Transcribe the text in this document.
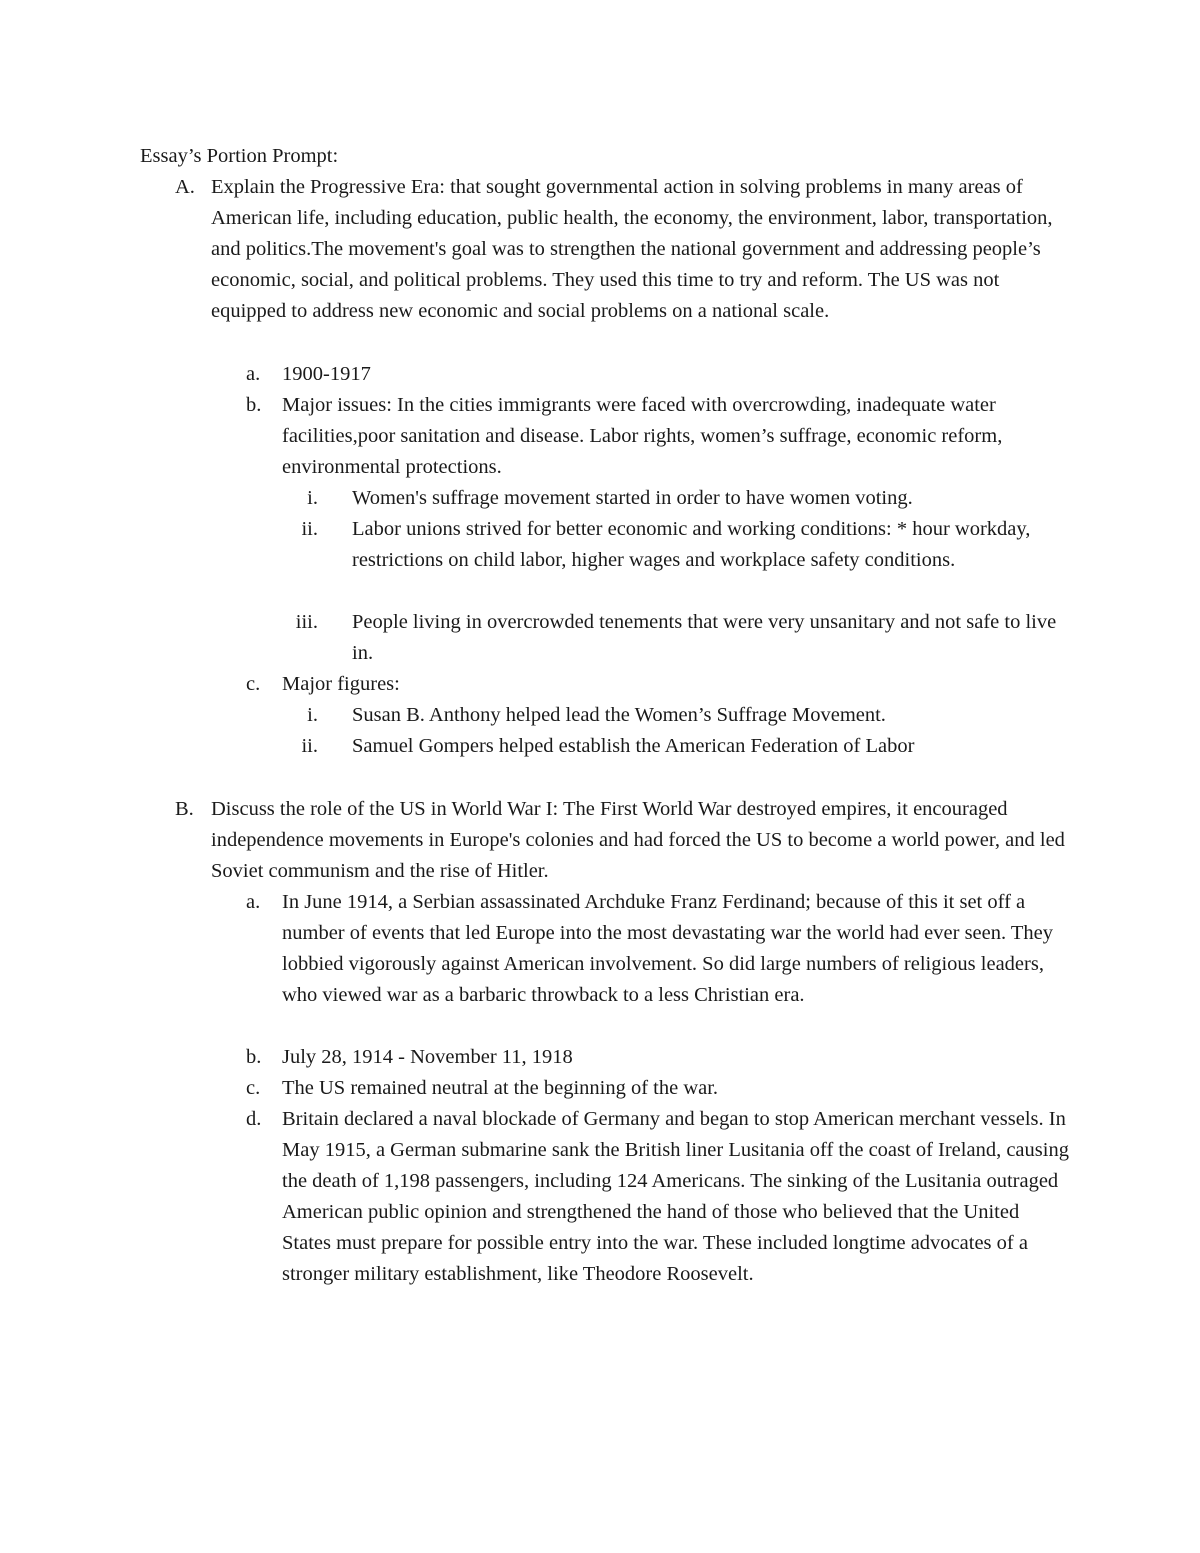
Essay’s Portion Prompt:
A. Explain the Progressive Era: that sought governmental action in solving problems in many areas of American life, including education, public health, the economy, the environment, labor, transportation, and politics.The movement's goal was to strengthen the national government and addressing people’s economic, social, and political problems. They used this time to try and reform. The US was not equipped to address new economic and social problems on a national scale.
a. 1900-1917
b. Major issues: In the cities immigrants were faced with overcrowding, inadequate water facilities,poor sanitation and disease. Labor rights, women’s suffrage, economic reform, environmental protections.
i. Women's suffrage movement started in order to have women voting.
ii. Labor unions strived for better economic and working conditions: * hour workday, restrictions on child labor, higher wages and workplace safety conditions.
iii. People living in overcrowded tenements that were very unsanitary and not safe to live in.
c. Major figures:
i. Susan B. Anthony helped lead the Women’s Suffrage Movement.
ii. Samuel Gompers helped establish the American Federation of Labor
B. Discuss the role of the US in World War I: The First World War destroyed empires, it encouraged independence movements in Europe's colonies and had forced the US to become a world power, and led Soviet communism and the rise of Hitler.
a. In June 1914, a Serbian assassinated Archduke Franz Ferdinand; because of this it set off a number of events that led Europe into the most devastating war the world had ever seen. They lobbied vigorously against American involvement. So did large numbers of religious leaders, who viewed war as a barbaric throwback to a less Christian era.
b. July 28, 1914 - November 11, 1918
c. The US remained neutral at the beginning of the war.
d. Britain declared a naval blockade of Germany and began to stop American merchant vessels. In May 1915, a German submarine sank the British liner Lusitania off the coast of Ireland, causing the death of 1,198 passengers, including 124 Americans. The sinking of the Lusitania outraged American public opinion and strengthened the hand of those who believed that the United States must prepare for possible entry into the war. These included longtime advocates of a stronger military establishment, like Theodore Roosevelt.
